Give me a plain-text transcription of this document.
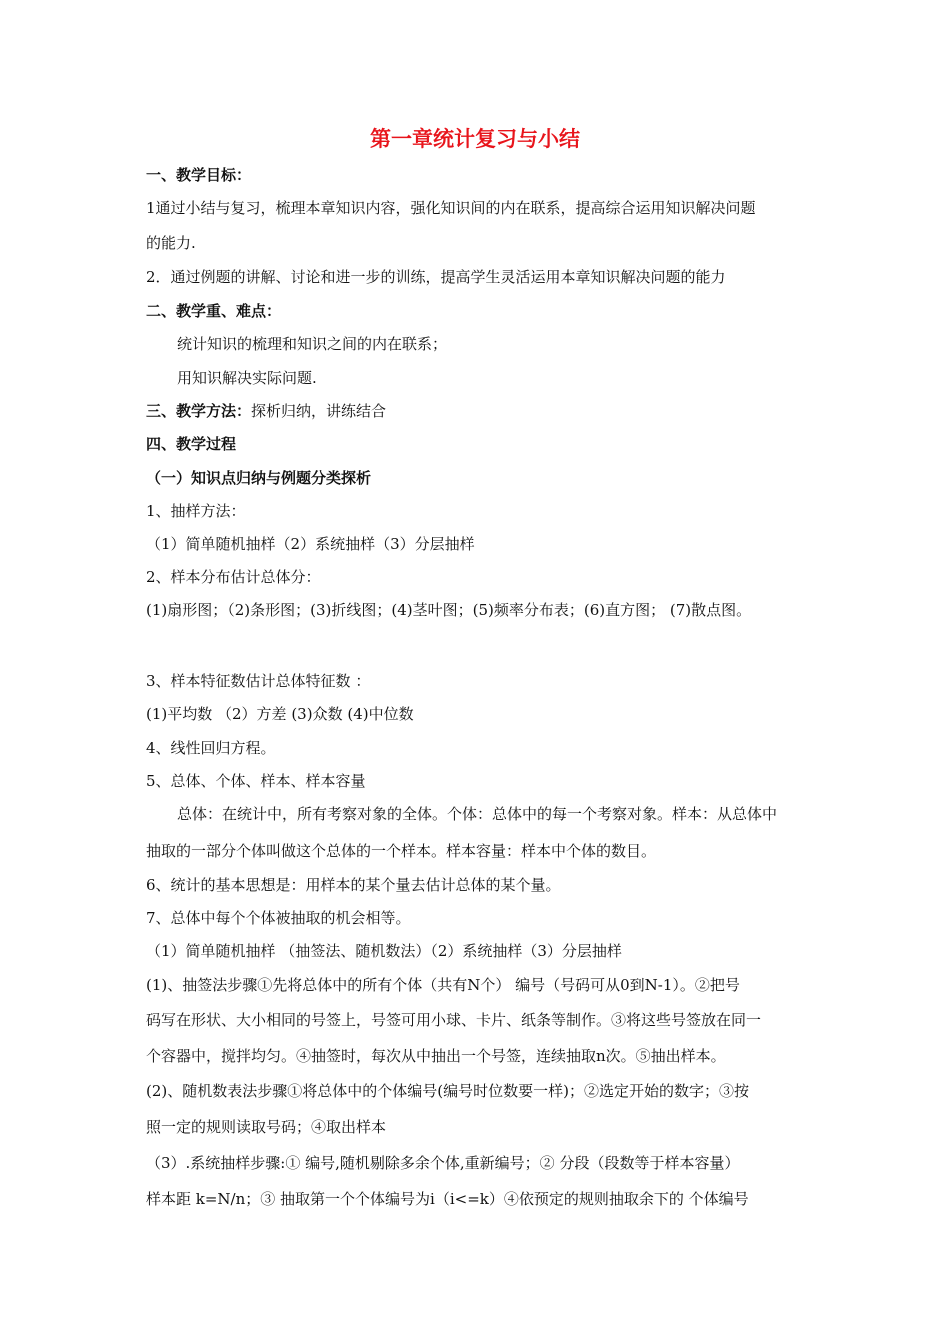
第一章统计复习与小结
一、教学目标：
1通过小结与复习，梳理本章知识内容，强化知识间的内在联系，提高综合运用知识解决问题
的能力.
2．通过例题的讲解、讨论和进一步的训练，提高学生灵活运用本章知识解决问题的能力
二、教学重、难点：
统计知识的梳理和知识之间的内在联系；
用知识解决实际问题.
三、教学方法：探析归纳，讲练结合
四、教学过程
（一）知识点归纳与例题分类探析
1、抽样方法：
（1）简单随机抽样（2）系统抽样（3）分层抽样
2、样本分布估计总体分：
(1)扇形图；（2)条形图；(3)折线图；(4)茎叶图；(5)频率分布表；(6)直方图； (7)散点图。
3、样本特征数估计总体特征数 ：
(1)平均数 （2）方差 (3)众数 (4)中位数
4、线性回归方程。
5、总体、个体、样本、样本容量
总体：在统计中，所有考察对象的全体。个体：总体中的每一个考察对象。样本：从总体中
抽取的一部分个体叫做这个总体的一个样本。样本容量：样本中个体的数目。
6、统计的基本思想是：用样本的某个量去估计总体的某个量。
7、总体中每个个体被抽取的机会相等。
（1）简单随机抽样 （抽签法、随机数法）（2）系统抽样（3）分层抽样
(1)、抽签法步骤①先将总体中的所有个体（共有N个） 编号（号码可从0到N-1）。②把号
码写在形状、大小相同的号签上，号签可用小球、卡片、纸条等制作。③将这些号签放在同一
个容器中，搅拌均匀。④抽签时，每次从中抽出一个号签，连续抽取n次。⑤抽出样本。
(2)、随机数表法步骤①将总体中的个体编号(编号时位数要一样)；②选定开始的数字；③按
照一定的规则读取号码；④取出样本
（3）.系统抽样步骤:① 编号,随机剔除多余个体,重新编号；② 分段（段数等于样本容量）
样本距 k=N/n；③ 抽取第一个个体编号为i（i<=k）④依预定的规则抽取余下的 个体编号
